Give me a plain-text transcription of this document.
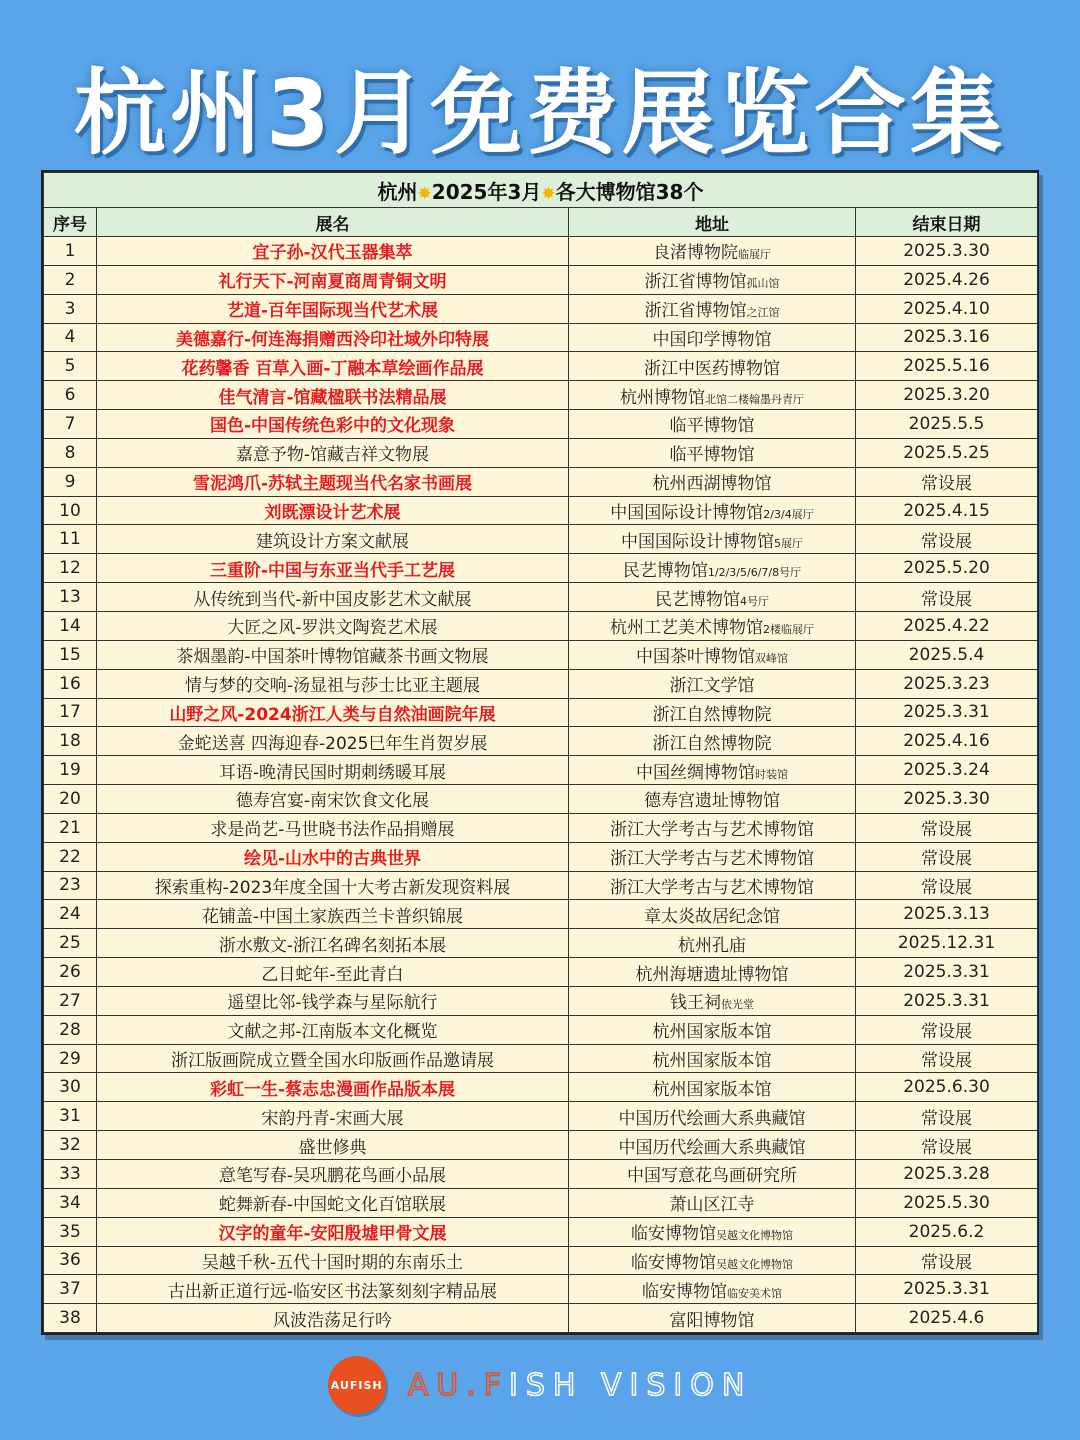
杭州3月免费展览合集
杭州✸2025年3月✸各大博物馆38个			
序号	展名	地址	结束日期
1	宜子孙-汉代玉器集萃	良渚博物院临展厅	2025.3.30
2	礼行天下-河南夏商周青铜文明	浙江省博物馆孤山馆	2025.4.26
3	艺道-百年国际现当代艺术展	浙江省博物馆之江馆	2025.4.10
4	美德嘉行-何连海捐赠西泠印社域外印特展	中国印学博物馆	2025.3.16
5	花药馨香 百草入画-丁融本草绘画作品展	浙江中医药博物馆	2025.5.16
6	佳气清言-馆藏楹联书法精品展	杭州博物馆北馆二楼翰墨丹青厅	2025.3.20
7	国色-中国传统色彩中的文化现象	临平博物馆	2025.5.5
8	嘉意予物-馆藏吉祥文物展	临平博物馆	2025.5.25
9	雪泥鸿爪-苏轼主题现当代名家书画展	杭州西湖博物馆	常设展
10	刘既漂设计艺术展	中国国际设计博物馆2/3/4展厅	2025.4.15
11	建筑设计方案文献展	中国国际设计博物馆5展厅	常设展
12	三重阶-中国与东亚当代手工艺展	民艺博物馆1/2/3/5/6/7/8号厅	2025.5.20
13	从传统到当代-新中国皮影艺术文献展	民艺博物馆4号厅	常设展
14	大匠之风-罗洪文陶瓷艺术展	杭州工艺美术博物馆2楼临展厅	2025.4.22
15	茶烟墨韵-中国茶叶博物馆藏茶书画文物展	中国茶叶博物馆双峰馆	2025.5.4
16	情与梦的交响-汤显祖与莎士比亚主题展	浙江文学馆	2025.3.23
17	山野之风-2024浙江人类与自然油画院年展	浙江自然博物院	2025.3.31
18	金蛇送喜 四海迎春-2025巳年生肖贺岁展	浙江自然博物院	2025.4.16
19	耳语-晚清民国时期刺绣暖耳展	中国丝绸博物馆时装馆	2025.3.24
20	德寿宫宴-南宋饮食文化展	德寿宫遗址博物馆	2025.3.30
21	求是尚艺-马世晓书法作品捐赠展	浙江大学考古与艺术博物馆	常设展
22	绘见-山水中的古典世界	浙江大学考古与艺术博物馆	常设展
23	探索重构-2023年度全国十大考古新发现资料展	浙江大学考古与艺术博物馆	常设展
24	花铺盖-中国土家族西兰卡普织锦展	章太炎故居纪念馆	2025.3.13
25	浙水敷文-浙江名碑名刻拓本展	杭州孔庙	2025.12.31
26	乙日蛇年-至此青白	杭州海塘遗址博物馆	2025.3.31
27	遥望比邻-钱学森与星际航行	钱王祠依光堂	2025.3.31
28	文献之邦-江南版本文化概览	杭州国家版本馆	常设展
29	浙江版画院成立暨全国水印版画作品邀请展	杭州国家版本馆	常设展
30	彩虹一生-蔡志忠漫画作品版本展	杭州国家版本馆	2025.6.30
31	宋韵丹青-宋画大展	中国历代绘画大系典藏馆	常设展
32	盛世修典	中国历代绘画大系典藏馆	常设展
33	意笔写春-吴巩鹏花鸟画小品展	中国写意花鸟画研究所	2025.3.28
34	蛇舞新春-中国蛇文化百馆联展	萧山区江寺	2025.5.30
35	汉字的童年-安阳殷墟甲骨文展	临安博物馆吴越文化博物馆	2025.6.2
36	吴越千秋-五代十国时期的东南乐土	临安博物馆吴越文化博物馆	常设展
37	古出新正道行远-临安区书法篆刻刻字精品展	临安博物馆临安美术馆	2025.3.31
38	风波浩荡足行吟	富阳博物馆	2025.4.6
AUFISH AU.FISH VISION
